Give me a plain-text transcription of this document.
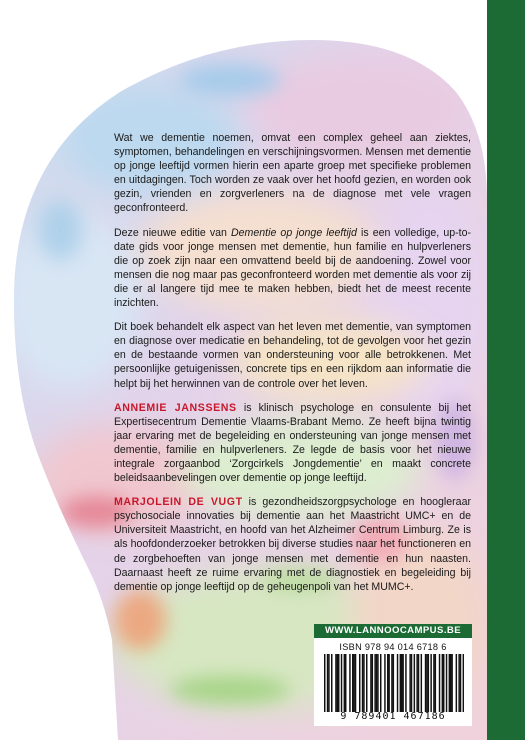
Wat we dementie noemen, omvat een complex geheel aan ziektes, symptomen, behandelingen en verschijningsvormen. Mensen met dementie op jonge leeftijd vormen hierin een aparte groep met specifieke problemen en uitdagingen. Toch worden ze vaak over het hoofd gezien, en worden ook gezin, vrienden en zorgverleners na de diagnose met vele vragen geconfronteerd.

Deze nieuwe editie van Dementie op jonge leeftijd is een volledige, up-to-date gids voor jonge mensen met dementie, hun familie en hulpverleners die op zoek zijn naar een omvattend beeld bij de aandoening. Zowel voor mensen die nog maar pas geconfronteerd worden met dementie als voor zij die er al langere tijd mee te maken hebben, biedt het de meest recente inzichten.

Dit boek behandelt elk aspect van het leven met dementie, van symptomen en diagnose over medicatie en behandeling, tot de gevolgen voor het gezin en de bestaande vormen van ondersteuning voor alle betrokkenen. Met persoonlijke getuigenissen, concrete tips en een rijkdom aan informatie die helpt bij het herwinnen van de controle over het leven.

ANNEMIE JANSSENS is klinisch psychologe en consulente bij het Expertisecentrum Dementie Vlaams-Brabant Memo. Ze heeft bijna twintig jaar ervaring met de begeleiding en ondersteuning van jonge mensen met dementie, familie en hulpverleners. Ze legde de basis voor het nieuwe integrale zorgaanbod ‘Zorgcirkels Jongdementie’ en maakt concrete beleidsaanbevelingen over dementie op jonge leeftijd.

MARJOLEIN DE VUGT is gezondheidszorgpsychologe en hoogleraar psychosociale innovaties bij dementie aan het Maastricht UMC+ en de Universiteit Maastricht, en hoofd van het Alzheimer Centrum Limburg. Ze is als hoofdonderzoeker betrokken bij diverse studies naar het functioneren en de zorgbehoeften van jonge mensen met dementie en hun naasten. Daarnaast heeft ze ruime ervaring met de diagnostiek en begeleiding bij dementie op jonge leeftijd op de geheugenpoli van het MUMC+.

WWW.LANNOOCAMPUS.BE
ISBN 978 94 014 6718 6
9 789401 467186
